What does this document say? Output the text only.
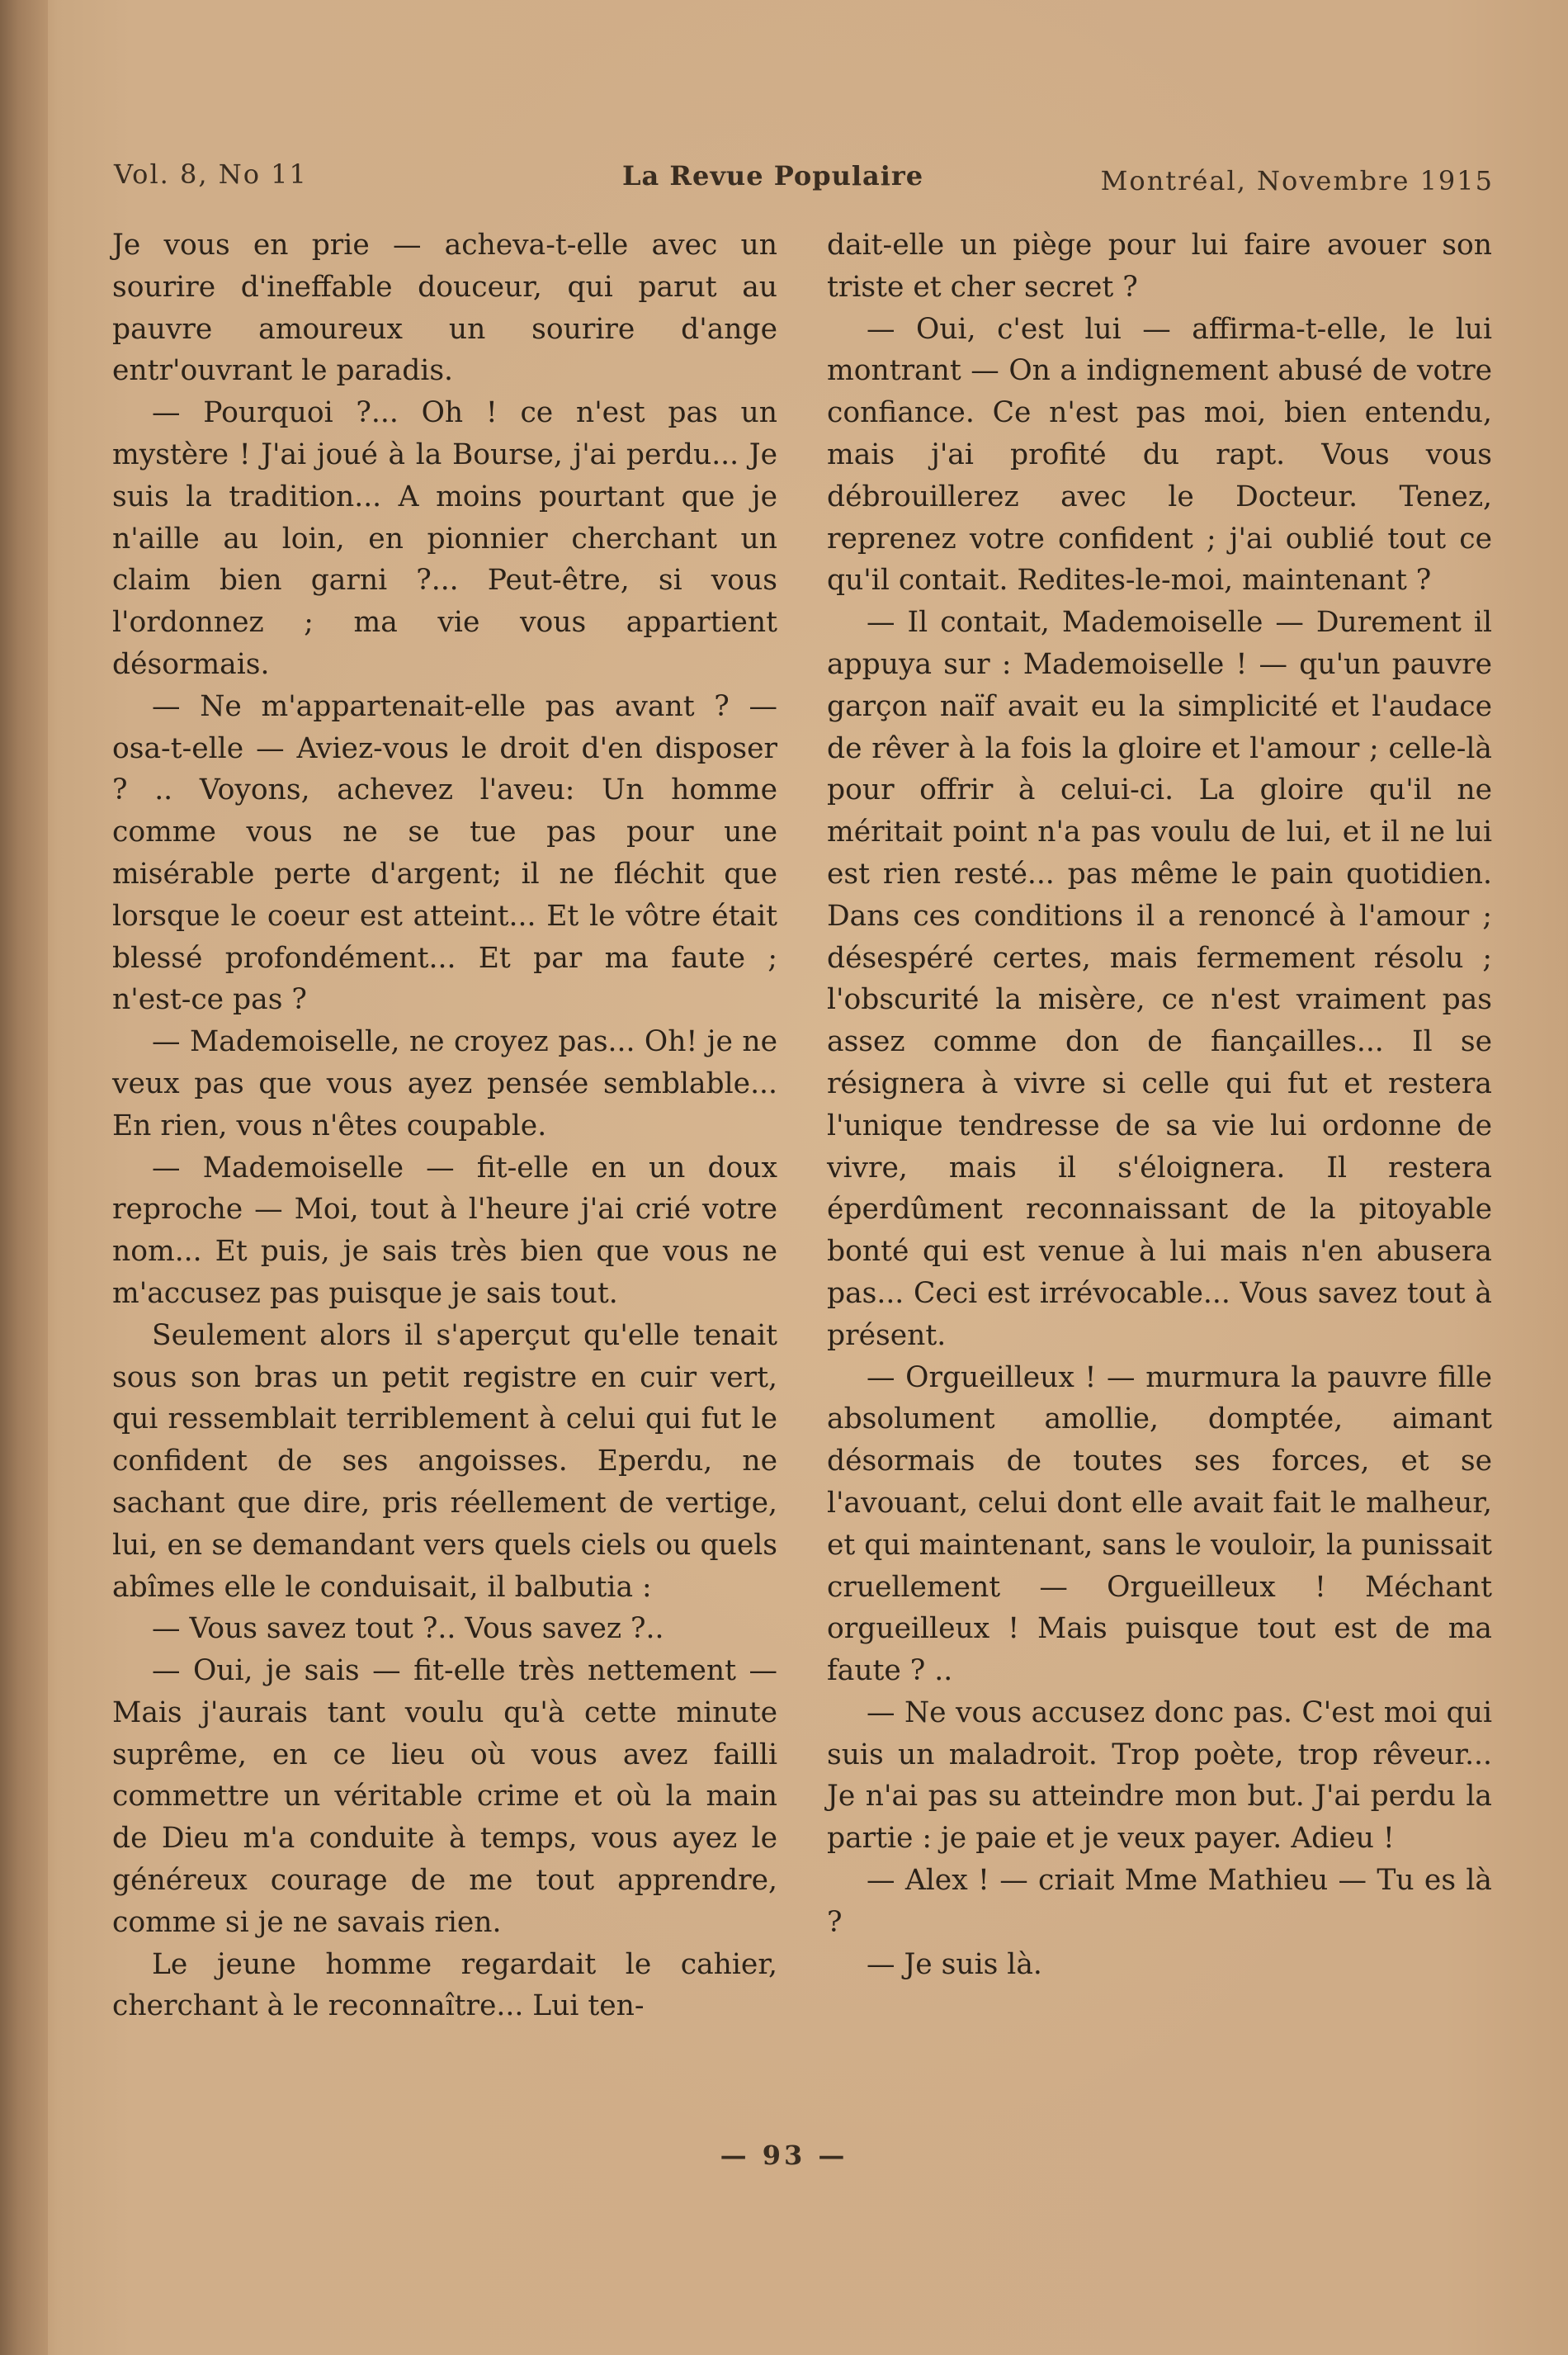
Vol. 8, No 11	La Revue Populaire	Montréal, Novembre 1915

Je vous en prie — acheva-t-elle avec un sourire d'ineffable douceur, qui parut au pauvre amoureux un sourire d'ange entr'ouvrant le paradis.

— Pourquoi ?... Oh ! ce n'est pas un mystère ! J'ai joué à la Bourse, j'ai perdu... Je suis la tradition... A moins pourtant que je n'aille au loin, en pionnier cherchant un claim bien garni ?... Peut-être, si vous l'ordonnez ; ma vie vous appartient désormais.

— Ne m'appartenait-elle pas avant ? — osa-t-elle — Aviez-vous le droit d'en disposer ? .. Voyons, achevez l'aveu: Un homme comme vous ne se tue pas pour une misérable perte d'argent; il ne fléchit que lorsque le coeur est atteint... Et le vôtre était blessé profondément... Et par ma faute ; n'est-ce pas ?

— Mademoiselle, ne croyez pas... Oh! je ne veux pas que vous ayez pensée semblable... En rien, vous n'êtes coupable.

— Mademoiselle — fit-elle en un doux reproche — Moi, tout à l'heure j'ai crié votre nom... Et puis, je sais très bien que vous ne m'accusez pas puisque je sais tout.

Seulement alors il s'aperçut qu'elle tenait sous son bras un petit registre en cuir vert, qui ressemblait terriblement à celui qui fut le confident de ses angoisses. Eperdu, ne sachant que dire, pris réellement de vertige, lui, en se demandant vers quels ciels ou quels abîmes elle le conduisait, il balbutia :

— Vous savez tout ?.. Vous savez ?..

— Oui, je sais — fit-elle très nettement — Mais j'aurais tant voulu qu'à cette minute suprême, en ce lieu où vous avez failli commettre un véritable crime et où la main de Dieu m'a conduite à temps, vous ayez le généreux courage de me tout apprendre, comme si je ne savais rien.

Le jeune homme regardait le cahier, cherchant à le reconnaître... Lui ten-

dait-elle un piège pour lui faire avouer son triste et cher secret ?

— Oui, c'est lui — affirma-t-elle, le lui montrant — On a indignement abusé de votre confiance. Ce n'est pas moi, bien entendu, mais j'ai profité du rapt. Vous vous débrouillerez avec le Docteur. Tenez, reprenez votre confident ; j'ai oublié tout ce qu'il contait. Redites-le-moi, maintenant ?

— Il contait, Mademoiselle — Durement il appuya sur : Mademoiselle ! — qu'un pauvre garçon naïf avait eu la simplicité et l'audace de rêver à la fois la gloire et l'amour ; celle-là pour offrir à celui-ci. La gloire qu'il ne méritait point n'a pas voulu de lui, et il ne lui est rien resté... pas même le pain quotidien. Dans ces conditions il a renoncé à l'amour ; désespéré certes, mais fermement résolu ; l'obscurité la misère, ce n'est vraiment pas assez comme don de fiançailles... Il se résignera à vivre si celle qui fut et restera l'unique tendresse de sa vie lui ordonne de vivre, mais il s'éloignera. Il restera éperdûment reconnaissant de la pitoyable bonté qui est venue à lui mais n'en abusera pas... Ceci est irrévocable... Vous savez tout à présent.

— Orgueilleux ! — murmura la pauvre fille absolument amollie, domptée, aimant désormais de toutes ses forces, et se l'avouant, celui dont elle avait fait le malheur, et qui maintenant, sans le vouloir, la punissait cruellement — Orgueilleux ! Méchant orgueilleux ! Mais puisque tout est de ma faute ? ..

— Ne vous accusez donc pas. C'est moi qui suis un maladroit. Trop poète, trop rêveur... Je n'ai pas su atteindre mon but. J'ai perdu la partie : je paie et je veux payer. Adieu !

— Alex ! — criait Mme Mathieu — Tu es là ?

— Je suis là.

— 93 —
